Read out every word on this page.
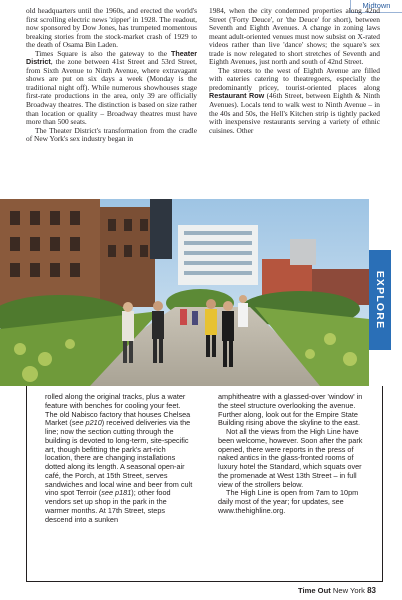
Midtown

old headquarters until the 1960s, and erected the world's first scrolling electric news 'zipper' in 1928. The readout, now sponsored by Dow Jones, has trumpeted momentous breaking stories from the stock-market crash of 1929 to the death of Osama Bin Laden.

Times Square is also the gateway to the Theater District, the zone between 41st Street and 53rd Street, from Sixth Avenue to Ninth Avenue, where extravagant shows are put on six days a week (Monday is the traditional night off). While numerous showhouses stage first-rate productions in the area, only 39 are officially Broadway theatres. The distinction is based on size rather than location or quality – Broadway theatres must have more than 500 seats.

The Theater District's transformation from the cradle of New York's sex industry began in

1984, when the city condemned properties along 42nd Street ('Forty Deuce', or 'the Deuce' for short), between Seventh and Eighth Avenues. A change in zoning laws meant adult-oriented venues must now subsist on X-rated videos rather than live 'dance' shows; the square's sex trade is now relegated to short stretches of Seventh and Eighth Avenues, just north and south of 42nd Street.

The streets to the west of Eighth Avenue are filled with eateries catering to theatregoers, especially the predominantly pricey, tourist-oriented places along Restaurant Row (46th Street, between Eighth & Ninth Avenues). Locals tend to walk west to Ninth Avenue – in the 40s and 50s, the Hell's Kitchen strip is tightly packed with inexpensive restaurants serving a variety of ethnic cuisines. Other

EXPLORE

rolled along the original tracks, plus a water feature with benches for cooling your feet. The old Nabisco factory that houses Chelsea Market (see p210) received deliveries via the line; now the section cutting through the building is devoted to long-term, site-specific art, though befitting the park's art-rich location, there are changing installations dotted along its length. A seasonal open-air café, the Porch, at 15th Street, serves sandwiches and local wine and beer from cult vino spot Terroir (see p181); other food vendors set up shop in the park in the warmer months. At 17th Street, steps descend into a sunken

amphitheatre with a glassed-over 'window' in the steel structure overlooking the avenue. Further along, look out for the Empire State Building rising above the skyline to the east.

Not all the views from the High Line have been welcome, however. Soon after the park opened, there were reports in the press of naked antics in the glass-fronted rooms of luxury hotel the Standard, which squats over the promenade at West 13th Street – in full view of the strollers below.

The High Line is open from 7am to 10pm daily most of the year; for updates, see www.thehighline.org.

Time Out New York 83
